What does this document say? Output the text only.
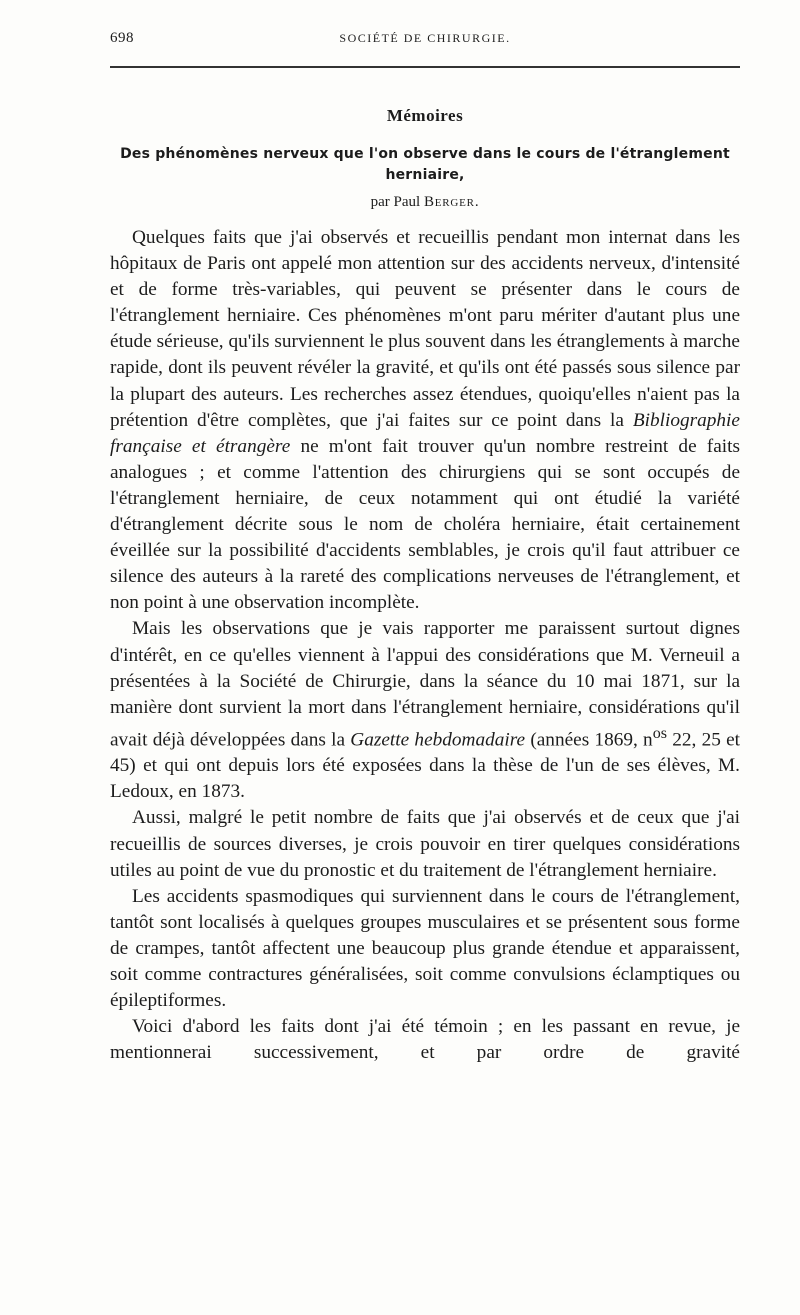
698	SOCIÉTÉ DE CHIRURGIE.
Mémoires
Des phénomènes nerveux que l'on observe dans le cours de l'étranglement herniaire,
par Paul Berger.

Quelques faits que j'ai observés et recueillis pendant mon internat dans les hôpitaux de Paris ont appelé mon attention sur des accidents nerveux, d'intensité et de forme très-variables, qui peuvent se présenter dans le cours de l'étranglement herniaire. Ces phénomènes m'ont paru mériter d'autant plus une étude sérieuse, qu'ils surviennent le plus souvent dans les étranglements à marche rapide, dont ils peuvent révéler la gravité, et qu'ils ont été passés sous silence par la plupart des auteurs. Les recherches assez étendues, quoiqu'elles n'aient pas la prétention d'être complètes, que j'ai faites sur ce point dans la Bibliographie française et étrangère ne m'ont fait trouver qu'un nombre restreint de faits analogues ; et comme l'attention des chirurgiens qui se sont occupés de l'étranglement herniaire, de ceux notamment qui ont étudié la variété d'étranglement décrite sous le nom de choléra herniaire, était certainement éveillée sur la possibilité d'accidents semblables, je crois qu'il faut attribuer ce silence des auteurs à la rareté des complications nerveuses de l'étranglement, et non point à une observation incomplète.

Mais les observations que je vais rapporter me paraissent surtout dignes d'intérêt, en ce qu'elles viennent à l'appui des considérations que M. Verneuil a présentées à la Société de Chirurgie, dans la séance du 10 mai 1871, sur la manière dont survient la mort dans l'étranglement herniaire, considérations qu'il avait déjà développées dans la Gazette hebdomadaire (années 1869, $n^{os}$ 22, 25 et 45) et qui ont depuis lors été exposées dans la thèse de l'un de ses élèves, M. Ledoux, en 1873.

Aussi, malgré le petit nombre de faits que j'ai observés et de ceux que j'ai recueillis de sources diverses, je crois pouvoir en tirer quelques considérations utiles au point de vue du pronostic et du traitement de l'étranglement herniaire.

Les accidents spasmodiques qui surviennent dans le cours de l'étranglement, tantôt sont localisés à quelques groupes musculaires et se présentent sous forme de crampes, tantôt affectent une beaucoup plus grande étendue et apparaissent, soit comme contractures généralisées, soit comme convulsions éclamptiques ou épileptiformes.

Voici d'abord les faits dont j'ai été témoin ; en les passant en revue, je mentionnerai successivement, et par ordre de gravité
